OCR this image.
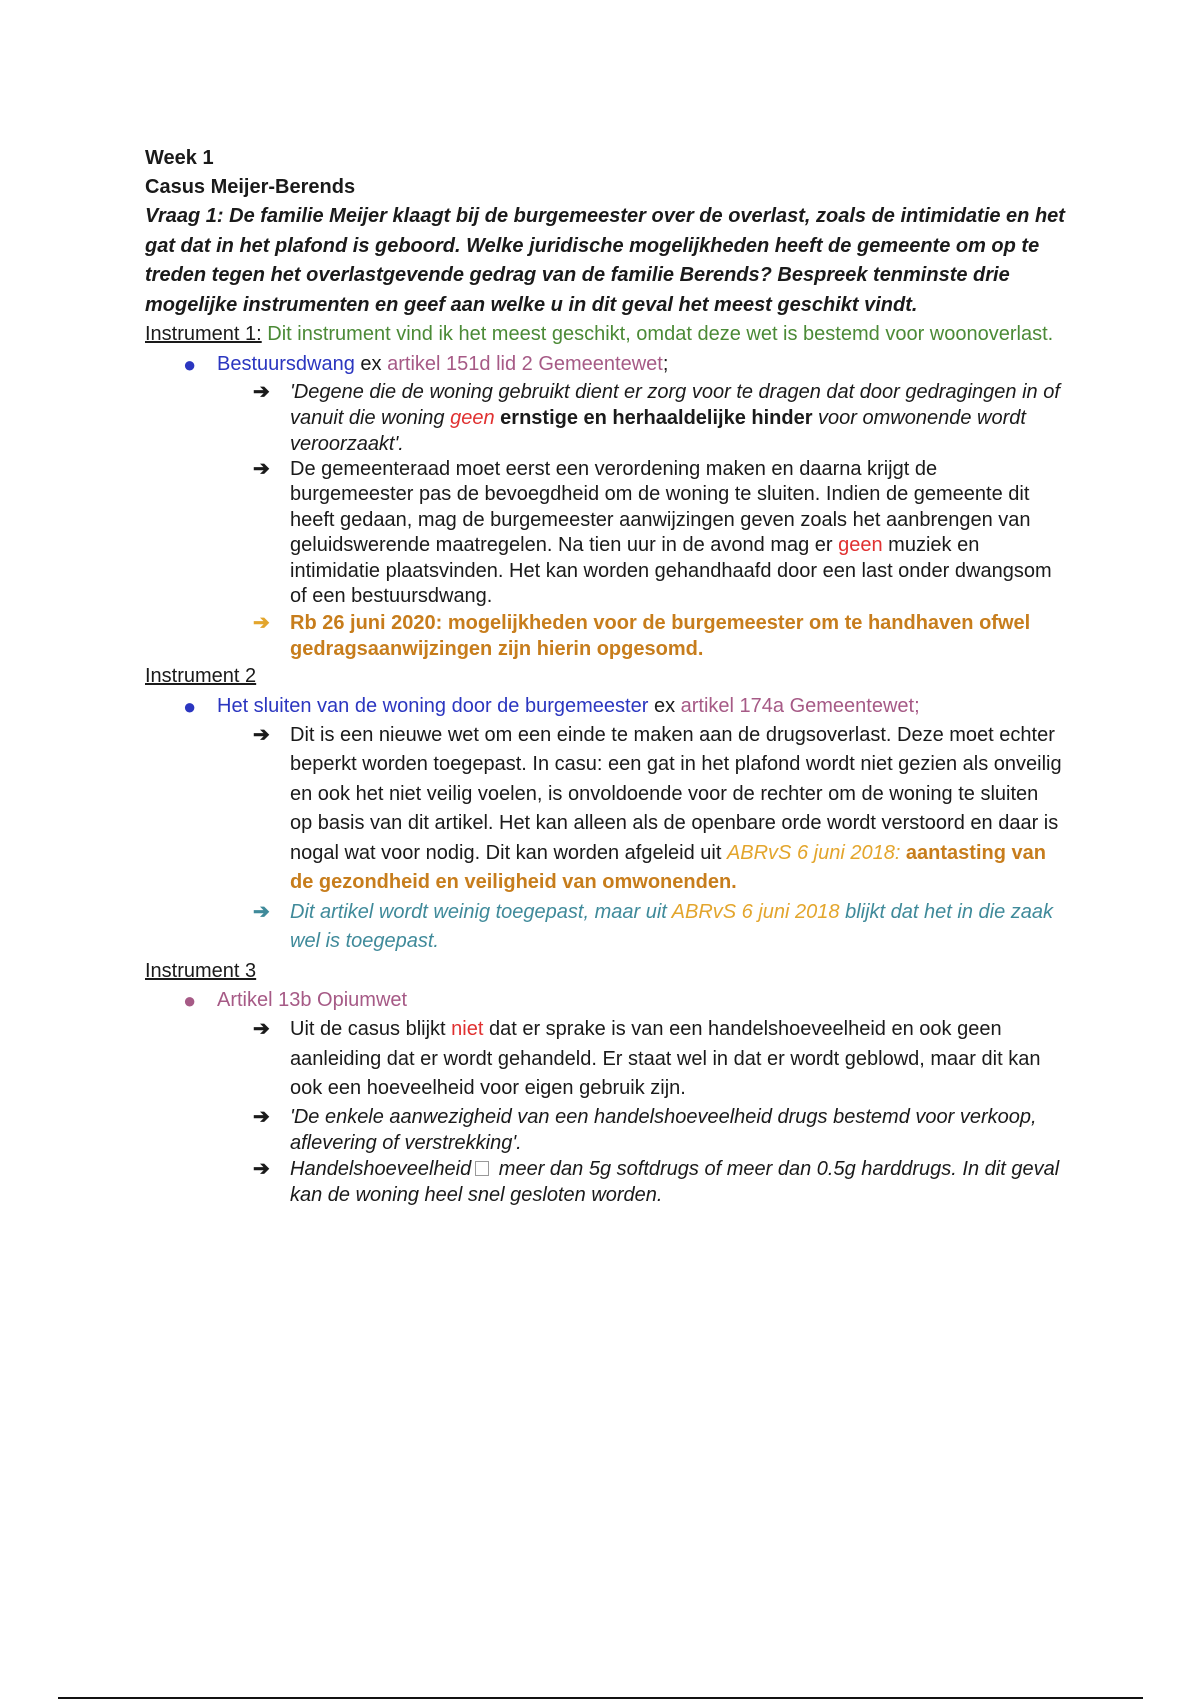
Week 1

Casus Meijer-Berends

Vraag 1: De familie Meijer klaagt bij de burgemeester over de overlast, zoals de intimidatie en het gat dat in het plafond is geboord. Welke juridische mogelijkheden heeft de gemeente om op te treden tegen het overlastgevende gedrag van de familie Berends? Bespreek tenminste drie mogelijke instrumenten en geef aan welke u in dit geval het meest geschikt vindt.

Instrument 1: Dit instrument vind ik het meest geschikt, omdat deze wet is bestemd voor woonoverlast.

● Bestuursdwang ex artikel 151d lid 2 Gemeentewet;
➔ 'Degene die de woning gebruikt dient er zorg voor te dragen dat door gedragingen in of vanuit die woning geen ernstige en herhaaldelijke hinder voor omwonende wordt veroorzaakt'.
➔ De gemeenteraad moet eerst een verordening maken en daarna krijgt de burgemeester pas de bevoegdheid om de woning te sluiten. Indien de gemeente dit heeft gedaan, mag de burgemeester aanwijzingen geven zoals het aanbrengen van geluidswerende maatregelen. Na tien uur in de avond mag er geen muziek en intimidatie plaatsvinden. Het kan worden gehandhaafd door een last onder dwangsom of een bestuursdwang.
➔ Rb 26 juni 2020: mogelijkheden voor de burgemeester om te handhaven ofwel gedragsaanwijzingen zijn hierin opgesomd.

Instrument 2

● Het sluiten van de woning door de burgemeester ex artikel 174a Gemeentewet;
➔ Dit is een nieuwe wet om een einde te maken aan de drugsoverlast. Deze moet echter beperkt worden toegepast. In casu: een gat in het plafond wordt niet gezien als onveilig en ook het niet veilig voelen, is onvoldoende voor de rechter om de woning te sluiten op basis van dit artikel. Het kan alleen als de openbare orde wordt verstoord en daar is nogal wat voor nodig. Dit kan worden afgeleid uit ABRvS 6 juni 2018: aantasting van de gezondheid en veiligheid van omwonenden.
➔ Dit artikel wordt weinig toegepast, maar uit ABRvS 6 juni 2018 blijkt dat het in die zaak wel is toegepast.

Instrument 3

● Artikel 13b Opiumwet
➔ Uit de casus blijkt niet dat er sprake is van een handelshoeveelheid en ook geen aanleiding dat er wordt gehandeld. Er staat wel in dat er wordt geblowd, maar dit kan ook een hoeveelheid voor eigen gebruik zijn.
➔ 'De enkele aanwezigheid van een handelshoeveelheid drugs bestemd voor verkoop, aflevering of verstrekking'.
➔ Handelshoeveelheid meer dan 5g softdrugs of meer dan 0.5g harddrugs. In dit geval kan de woning heel snel gesloten worden.
